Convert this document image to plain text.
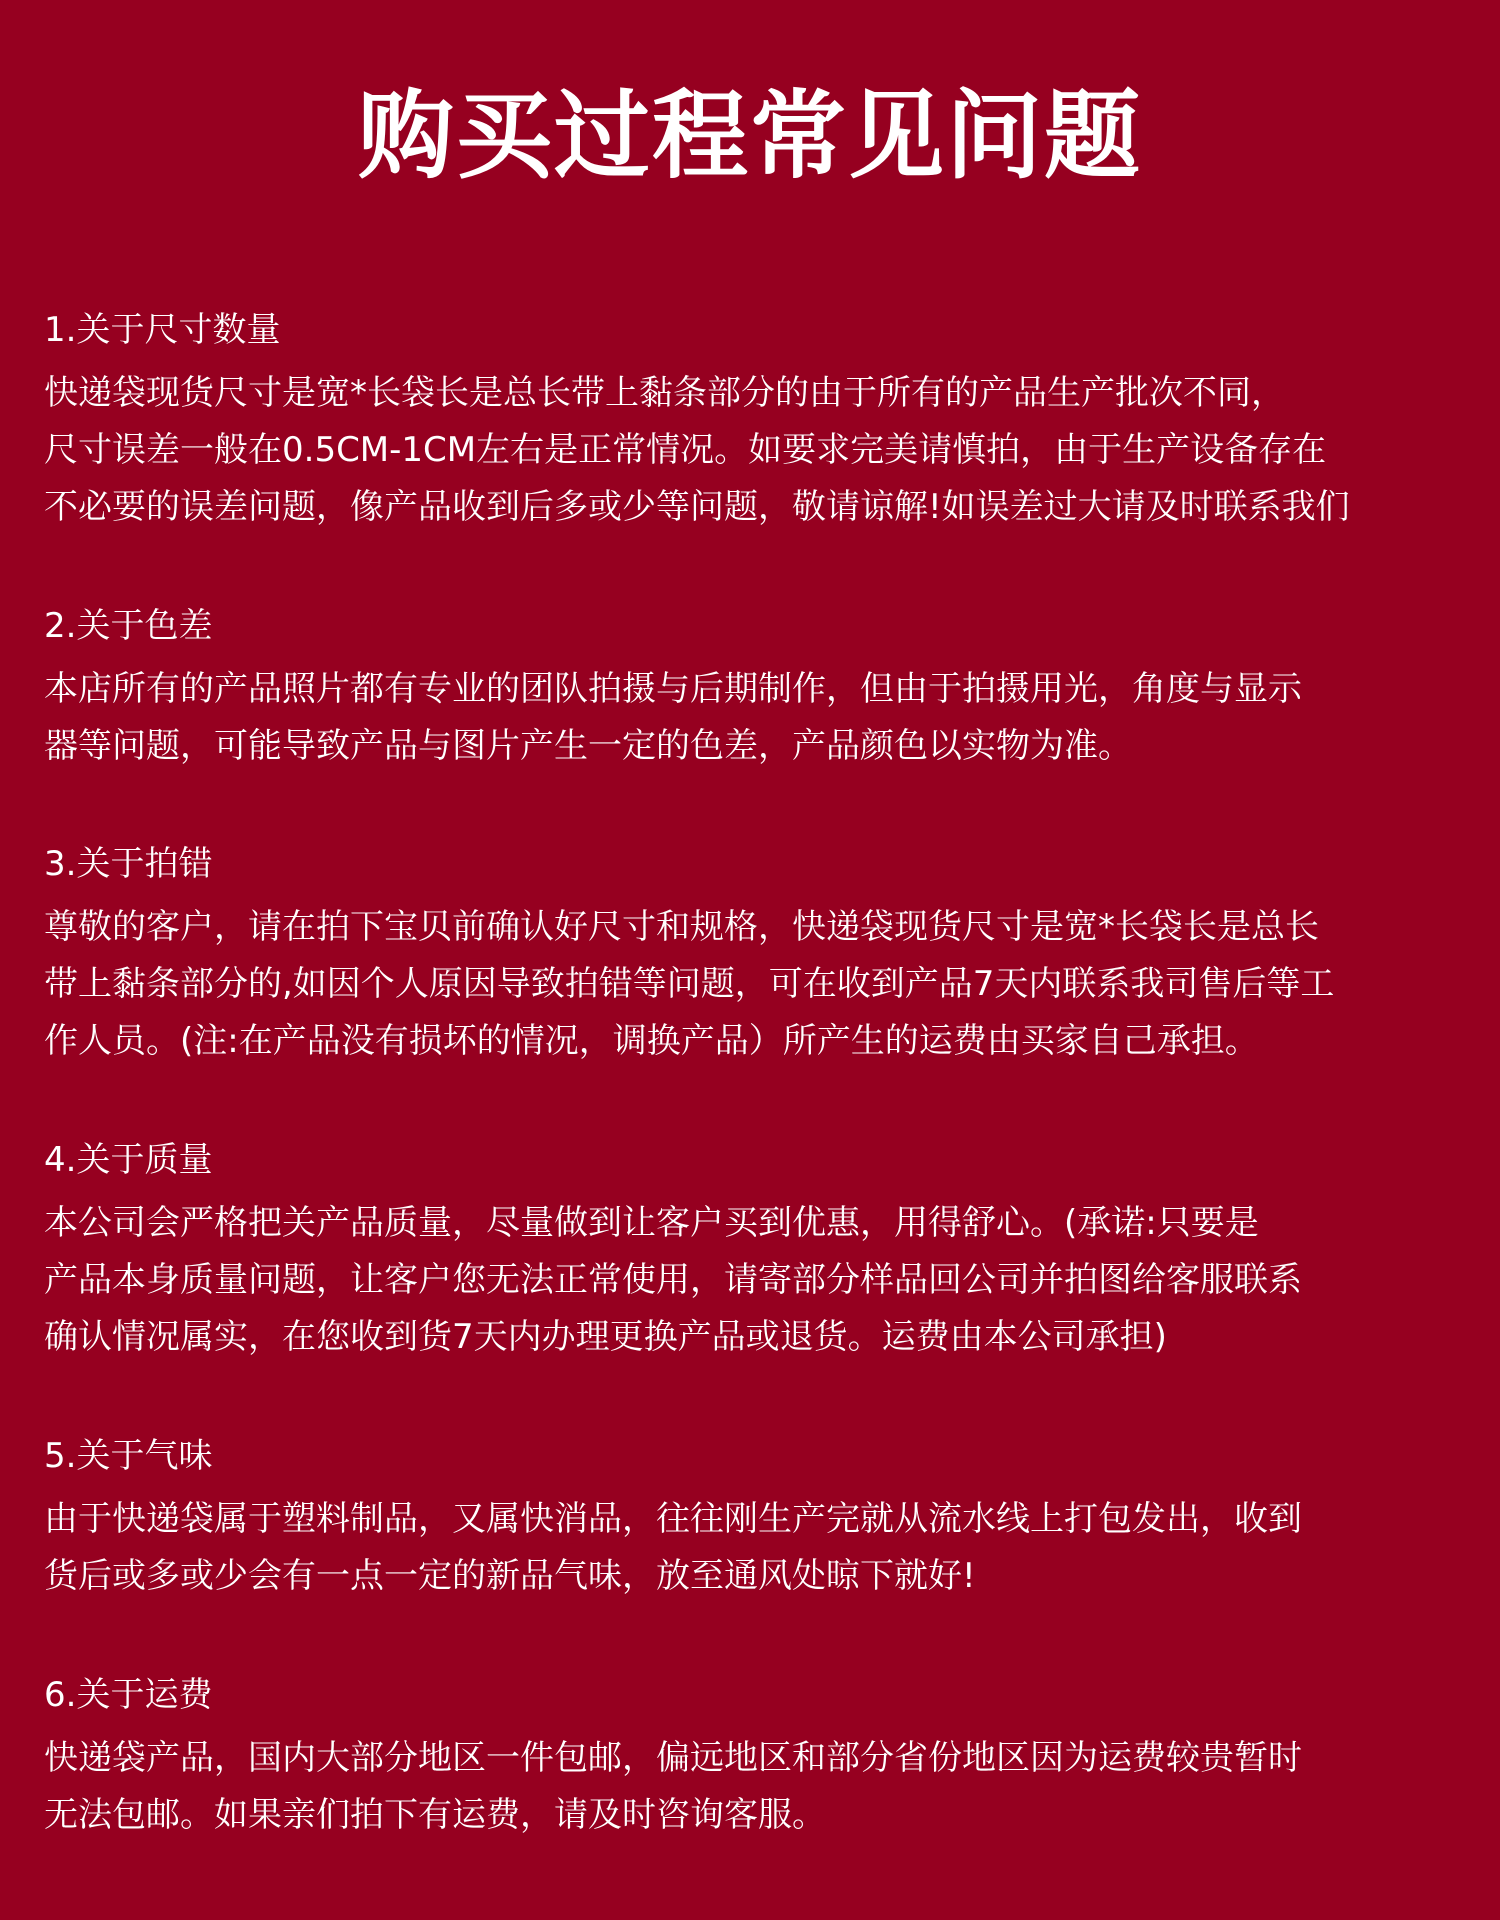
购买过程常见问题
1.关于尺寸数量
快递袋现货尺寸是宽*长袋长是总长带上黏条部分的由于所有的产品生产批次不同，
尺寸误差一般在0.5CM-1CM左右是正常情况。如要求完美请慎拍，由于生产设备存在
不必要的误差问题，像产品收到后多或少等问题，敬请谅解!如误差过大请及时联系我们
2.关于色差
本店所有的产品照片都有专业的团队拍摄与后期制作，但由于拍摄用光，角度与显示
器等问题，可能导致产品与图片产生一定的色差，产品颜色以实物为准。
3.关于拍错
尊敬的客户，请在拍下宝贝前确认好尺寸和规格，快递袋现货尺寸是宽*长袋长是总长
带上黏条部分的,如因个人原因导致拍错等问题，可在收到产品7天内联系我司售后等工
作人员。(注:在产品没有损坏的情况，调换产品）所产生的运费由买家自己承担。
4.关于质量
本公司会严格把关产品质量，尽量做到让客户买到优惠，用得舒心。(承诺:只要是
产品本身质量问题，让客户您无法正常使用，请寄部分样品回公司并拍图给客服联系
确认情况属实，在您收到货7天内办理更换产品或退货。运费由本公司承担)
5.关于气味
由于快递袋属于塑料制品，又属快消品，往往刚生产完就从流水线上打包发出，收到
货后或多或少会有一点一定的新品气味，放至通风处晾下就好!
6.关于运费
快递袋产品，国内大部分地区一件包邮，偏远地区和部分省份地区因为运费较贵暂时
无法包邮。如果亲们拍下有运费，请及时咨询客服。
